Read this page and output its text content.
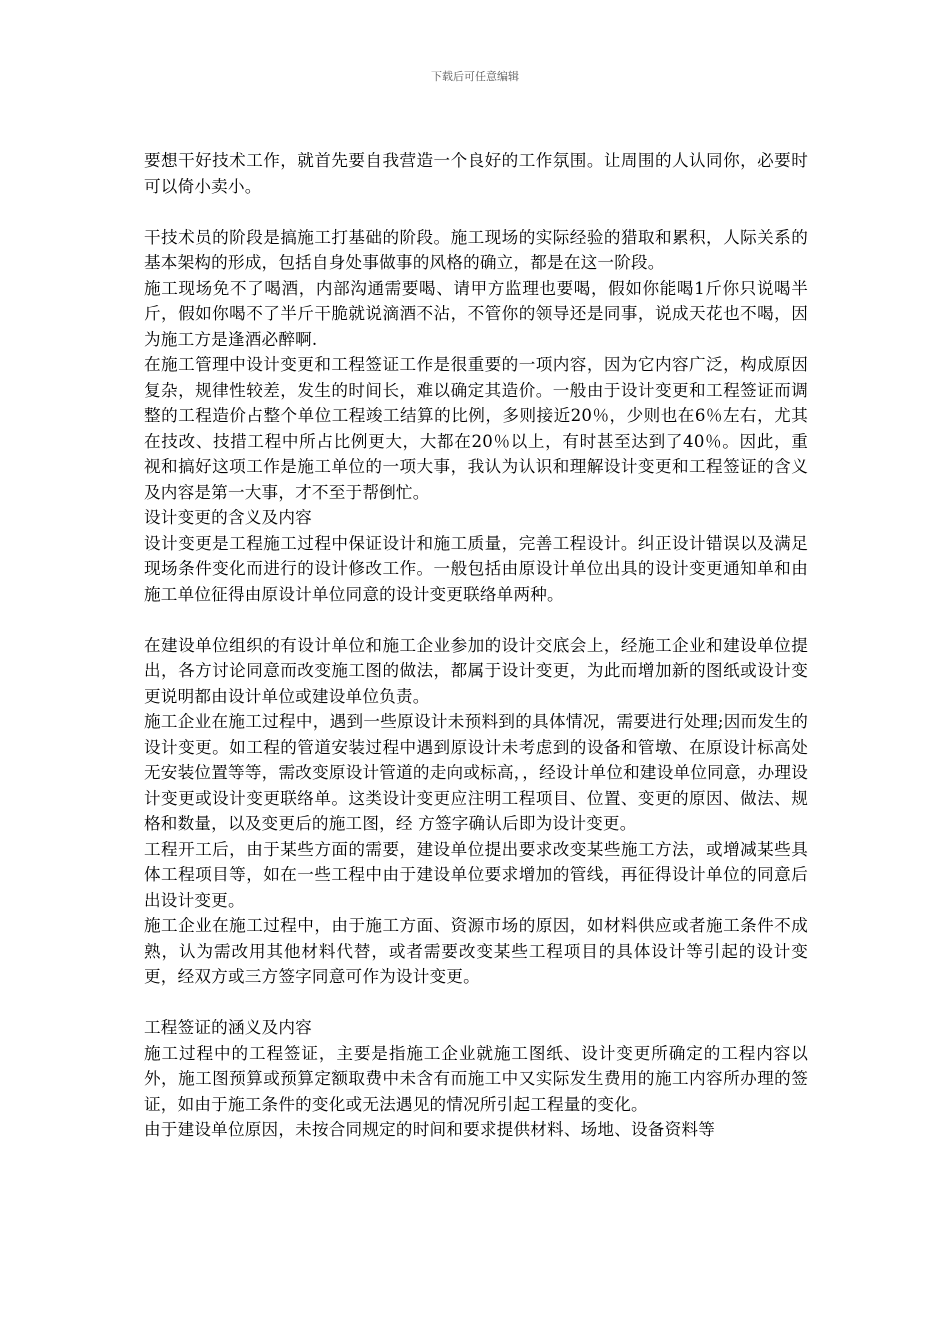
下载后可任意编辑

要想干好技术工作，就首先要自我营造一个良好的工作氛围。让周围的人认同你，必要时可以倚小卖小。

干技术员的阶段是搞施工打基础的阶段。施工现场的实际经验的猎取和累积，人际关系的基本架构的形成，包括自身处事做事的风格的确立，都是在这一阶段。

施工现场免不了喝酒，内部沟通需要喝、请甲方监理也要喝，假如你能喝1斤你只说喝半斤，假如你喝不了半斤干脆就说滴酒不沾，不管你的领导还是同事，说成天花也不喝，因为施工方是逢酒必醉啊.

在施工管理中设计变更和工程签证工作是很重要的一项内容，因为它内容广泛，构成原因复杂，规律性较差，发生的时间长，难以确定其造价。一般由于设计变更和工程签证而调整的工程造价占整个单位工程竣工结算的比例，多则接近20％，少则也在6％左右，尤其在技改、技措工程中所占比例更大，大都在20％以上，有时甚至达到了40％。因此，重视和搞好这项工作是施工单位的一项大事，我认为认识和理解设计变更和工程签证的含义及内容是第一大事，才不至于帮倒忙。

设计变更的含义及内容

设计变更是工程施工过程中保证设计和施工质量，完善工程设计。纠正设计错误以及满足现场条件变化而进行的设计修改工作。一般包括由原设计单位出具的设计变更通知单和由施工单位征得由原设计单位同意的设计变更联络单两种。

在建设单位组织的有设计单位和施工企业参加的设计交底会上，经施工企业和建设单位提出，各方讨论同意而改变施工图的做法，都属于设计变更，为此而增加新的图纸或设计变更说明都由设计单位或建设单位负责。

施工企业在施工过程中，遇到一些原设计未预料到的具体情况，需要进行处理;因而发生的设计变更。如工程的管道安装过程中遇到原设计未考虑到的设备和管墩、在原设计标高处无安装位置等等，需改变原设计管道的走向或标高，，经设计单位和建设单位同意，办理设计变更或设计变更联络单。这类设计变更应注明工程项目、位置、变更的原因、做法、规格和数量，以及变更后的施工图，经 方签字确认后即为设计变更。

工程开工后，由于某些方面的需要，建设单位提出要求改变某些施工方法，或增减某些具体工程项目等，如在一些工程中由于建设单位要求增加的管线，再征得设计单位的同意后出设计变更。

施工企业在施工过程中，由于施工方面、资源市场的原因，如材料供应或者施工条件不成熟，认为需改用其他材料代替，或者需要改变某些工程项目的具体设计等引起的设计变更，经双方或三方签字同意可作为设计变更。

工程签证的涵义及内容

施工过程中的工程签证，主要是指施工企业就施工图纸、设计变更所确定的工程内容以外，施工图预算或预算定额取费中未含有而施工中又实际发生费用的施工内容所办理的签证，如由于施工条件的变化或无法遇见的情况所引起工程量的变化。

由于建设单位原因，未按合同规定的时间和要求提供材料、场地、设备资料等
